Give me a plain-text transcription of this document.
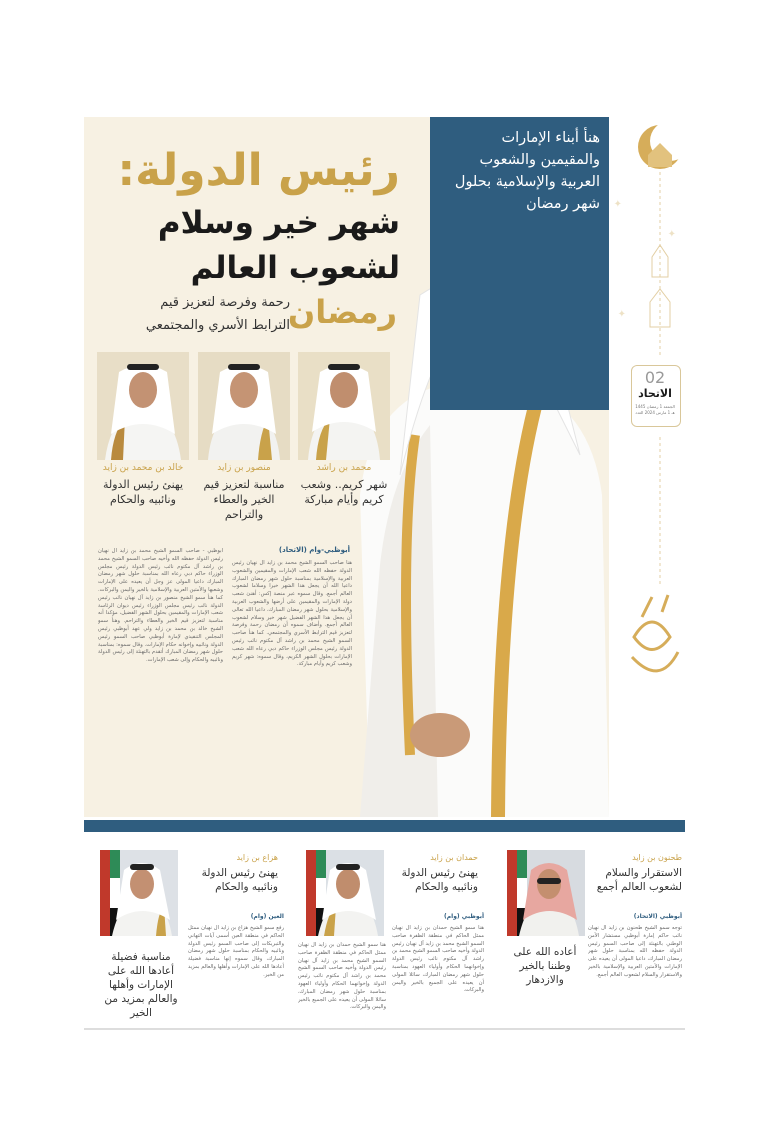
هنأ أبناء الإمارات والمقيمين والشعوب العربية والإسلامية بحلول شهر رمضان
رئيس الدولة:
شهر خير وسلام
لشعوب العالم
رمضان
رحمة وفرصة لتعزيز قيم
الترابط الأسري والمجتمعي
محمد بن راشد
شهر كريم.. وشعب كريم وأيام مباركة
منصور بن زايد
مناسبة لتعزيز قيم الخير والعطاء والتراحم
خالد بن محمد بن زايد
يهنئ رئيس الدولة ونائبيه والحكام
أبوظبي-وام (الاتحاد)
هنأ صاحب السمو الشيخ محمد بن زايد آل نهيان رئيس الدولة حفظه الله شعب الإمارات والمقيمين والشعوب العربية والإسلامية بمناسبة حلول شهر رمضان المبارك داعيا الله أن يجعل هذا الشهر خيرا وسلاما لشعوب العالم أجمع. وقال سموه عبر منصة إكس: أهنئ شعب دولة الإمارات والمقيمين على أرضها والشعوب العربية والإسلامية بحلول شهر رمضان المبارك، داعيا الله تعالى أن يجعل هذا الشهر الفضيل شهر خير وسلام لشعوب العالم أجمع. وأضاف سموه أن رمضان رحمة وفرصة لتعزيز قيم الترابط الأسري والمجتمعي. كما هنأ صاحب السمو الشيخ محمد بن راشد آل مكتوم نائب رئيس الدولة رئيس مجلس الوزراء حاكم دبي رعاه الله شعب الإمارات بحلول الشهر الكريم، وقال سموه: شهر كريم وشعب كريم وأيام مباركة.
أبوظبي - صاحب السمو الشيخ محمد بن زايد آل نهيان رئيس الدولة حفظه الله وأخيه صاحب السمو الشيخ محمد بن راشد آل مكتوم نائب رئيس الدولة رئيس مجلس الوزراء حاكم دبي رعاه الله بمناسبة حلول شهر رمضان المبارك داعيا المولى عز وجل أن يعيده على الإمارات وشعبها والأمتين العربية والإسلامية بالخير واليمن والبركات. كما هنأ سمو الشيخ منصور بن زايد آل نهيان نائب رئيس الدولة نائب رئيس مجلس الوزراء رئيس ديوان الرئاسة شعب الإمارات والمقيمين بحلول الشهر الفضيل، مؤكدا أنه مناسبة لتعزيز قيم الخير والعطاء والتراحم. وهنأ سمو الشيخ خالد بن محمد بن زايد ولي عهد أبوظبي رئيس المجلس التنفيذي لإمارة أبوظبي صاحب السمو رئيس الدولة ونائبيه وإخوانه حكام الإمارات. وقال سموه: بمناسبة حلول شهر رمضان المبارك أتقدم بالتهنئة إلى رئيس الدولة ونائبيه والحكام وإلى شعب الإمارات.
✦
✦
✦
02
الاتحاد
الجمعة 1 رمضان 1445 هـ 1 مارس 2024 العدد
طحنون بن زايد
الاستقرار والسلام لشعوب العالم أجمع
أبوظبي (الاتحاد)
توجه سمو الشيخ طحنون بن زايد آل نهيان نائب حاكم إمارة أبوظبي مستشار الأمن الوطني بالتهنئة إلى صاحب السمو رئيس الدولة حفظه الله بمناسبة حلول شهر رمضان المبارك، داعيا المولى أن يعيده على الإمارات والأمتين العربية والإسلامية بالخير والاستقرار والسلام لشعوب العالم أجمع.
أعاده الله على وطننا بالخير والازدهار
حمدان بن زايد
يهنئ رئيس الدولة ونائبيه والحكام
أبوظبي (وام)
هنأ سمو الشيخ حمدان بن زايد آل نهيان ممثل الحاكم في منطقة الظفرة صاحب السمو الشيخ محمد بن زايد آل نهيان رئيس الدولة وأخيه صاحب السمو الشيخ محمد بن راشد آل مكتوم نائب رئيس الدولة وإخوانهما الحكام وأولياء العهود بمناسبة حلول شهر رمضان المبارك، سائلا المولى أن يعيده على الجميع بالخير واليمن والبركات.
هنأ سمو الشيخ حمدان بن زايد آل نهيان ممثل الحاكم في منطقة الظفرة صاحب السمو الشيخ محمد بن زايد آل نهيان رئيس الدولة وأخيه صاحب السمو الشيخ محمد بن راشد آل مكتوم نائب رئيس الدولة وإخوانهما الحكام وأولياء العهود بمناسبة حلول شهر رمضان المبارك، سائلا المولى أن يعيده على الجميع بالخير واليمن والبركات.
هزاع بن زايد
يهنئ رئيس الدولة ونائبيه والحكام
العين (وام)
رفع سمو الشيخ هزاع بن زايد آل نهيان ممثل الحاكم في منطقة العين أسمى آيات التهاني والتبريكات إلى صاحب السمو رئيس الدولة ونائبيه والحكام بمناسبة حلول شهر رمضان المبارك، وقال سموه إنها مناسبة فضيلة أعادها الله على الإمارات وأهلها والعالم بمزيد من الخير.
مناسبة فضيلة أعادها الله على الإمارات وأهلها والعالم بمزيد من الخير
